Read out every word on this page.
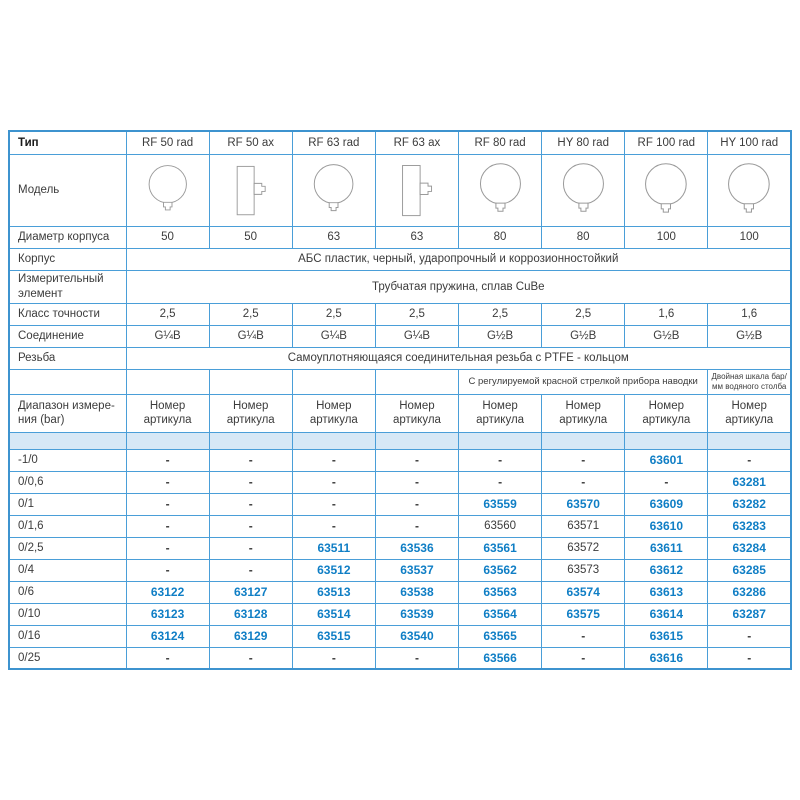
Тип	RF 50 rad	RF 50 ax	RF 63 rad	RF 63 ax	RF 80 rad	HY 80 rad	RF 100 rad	HY 100 rad
Модель	

Диаметр корпуса	50	50	63	63	80	80	100	100
Корпус	АБС пластик, черный, ударопрочный и коррозионностойкий							
Измерительный элемент	Трубчатая пружина, сплав CuBe							
Класс точности	2,5	2,5	2,5	2,5	2,5	2,5	1,6	1,6
Соединение	G¼B	G¼B	G¼B	G¼B	G½B	G½B	G½B	G½B
Резьба	Самоуплотняющаяся соединительная резьба с PTFE - кольцом							
					С регулируемой красной стрелкой прибора наводки			Двойная шкала бар/ мм водяного столба

Диапазон измере-
ния (bar)	Номер артикула	Номер артикула	Номер артикула	Номер артикула	Номер артикула	Номер артикула	Номер артикула	Номер артикула

-1/0	-	-	-	-	-	-	63601	-
0/0,6	-	-	-	-	-	-	-	63281
0/1	-	-	-	-	63559	63570	63609	63282
0/1,6	-	-	-	-	63560	63571	63610	63283
0/2,5	-	-	63511	63536	63561	63572	63611	63284
0/4	-	-	63512	63537	63562	63573	63612	63285
0/6	63122	63127	63513	63538	63563	63574	63613	63286
0/10	63123	63128	63514	63539	63564	63575	63614	63287
0/16	63124	63129	63515	63540	63565	-	63615	-
0/25	-	-	-	-	63566	-	63616	-
